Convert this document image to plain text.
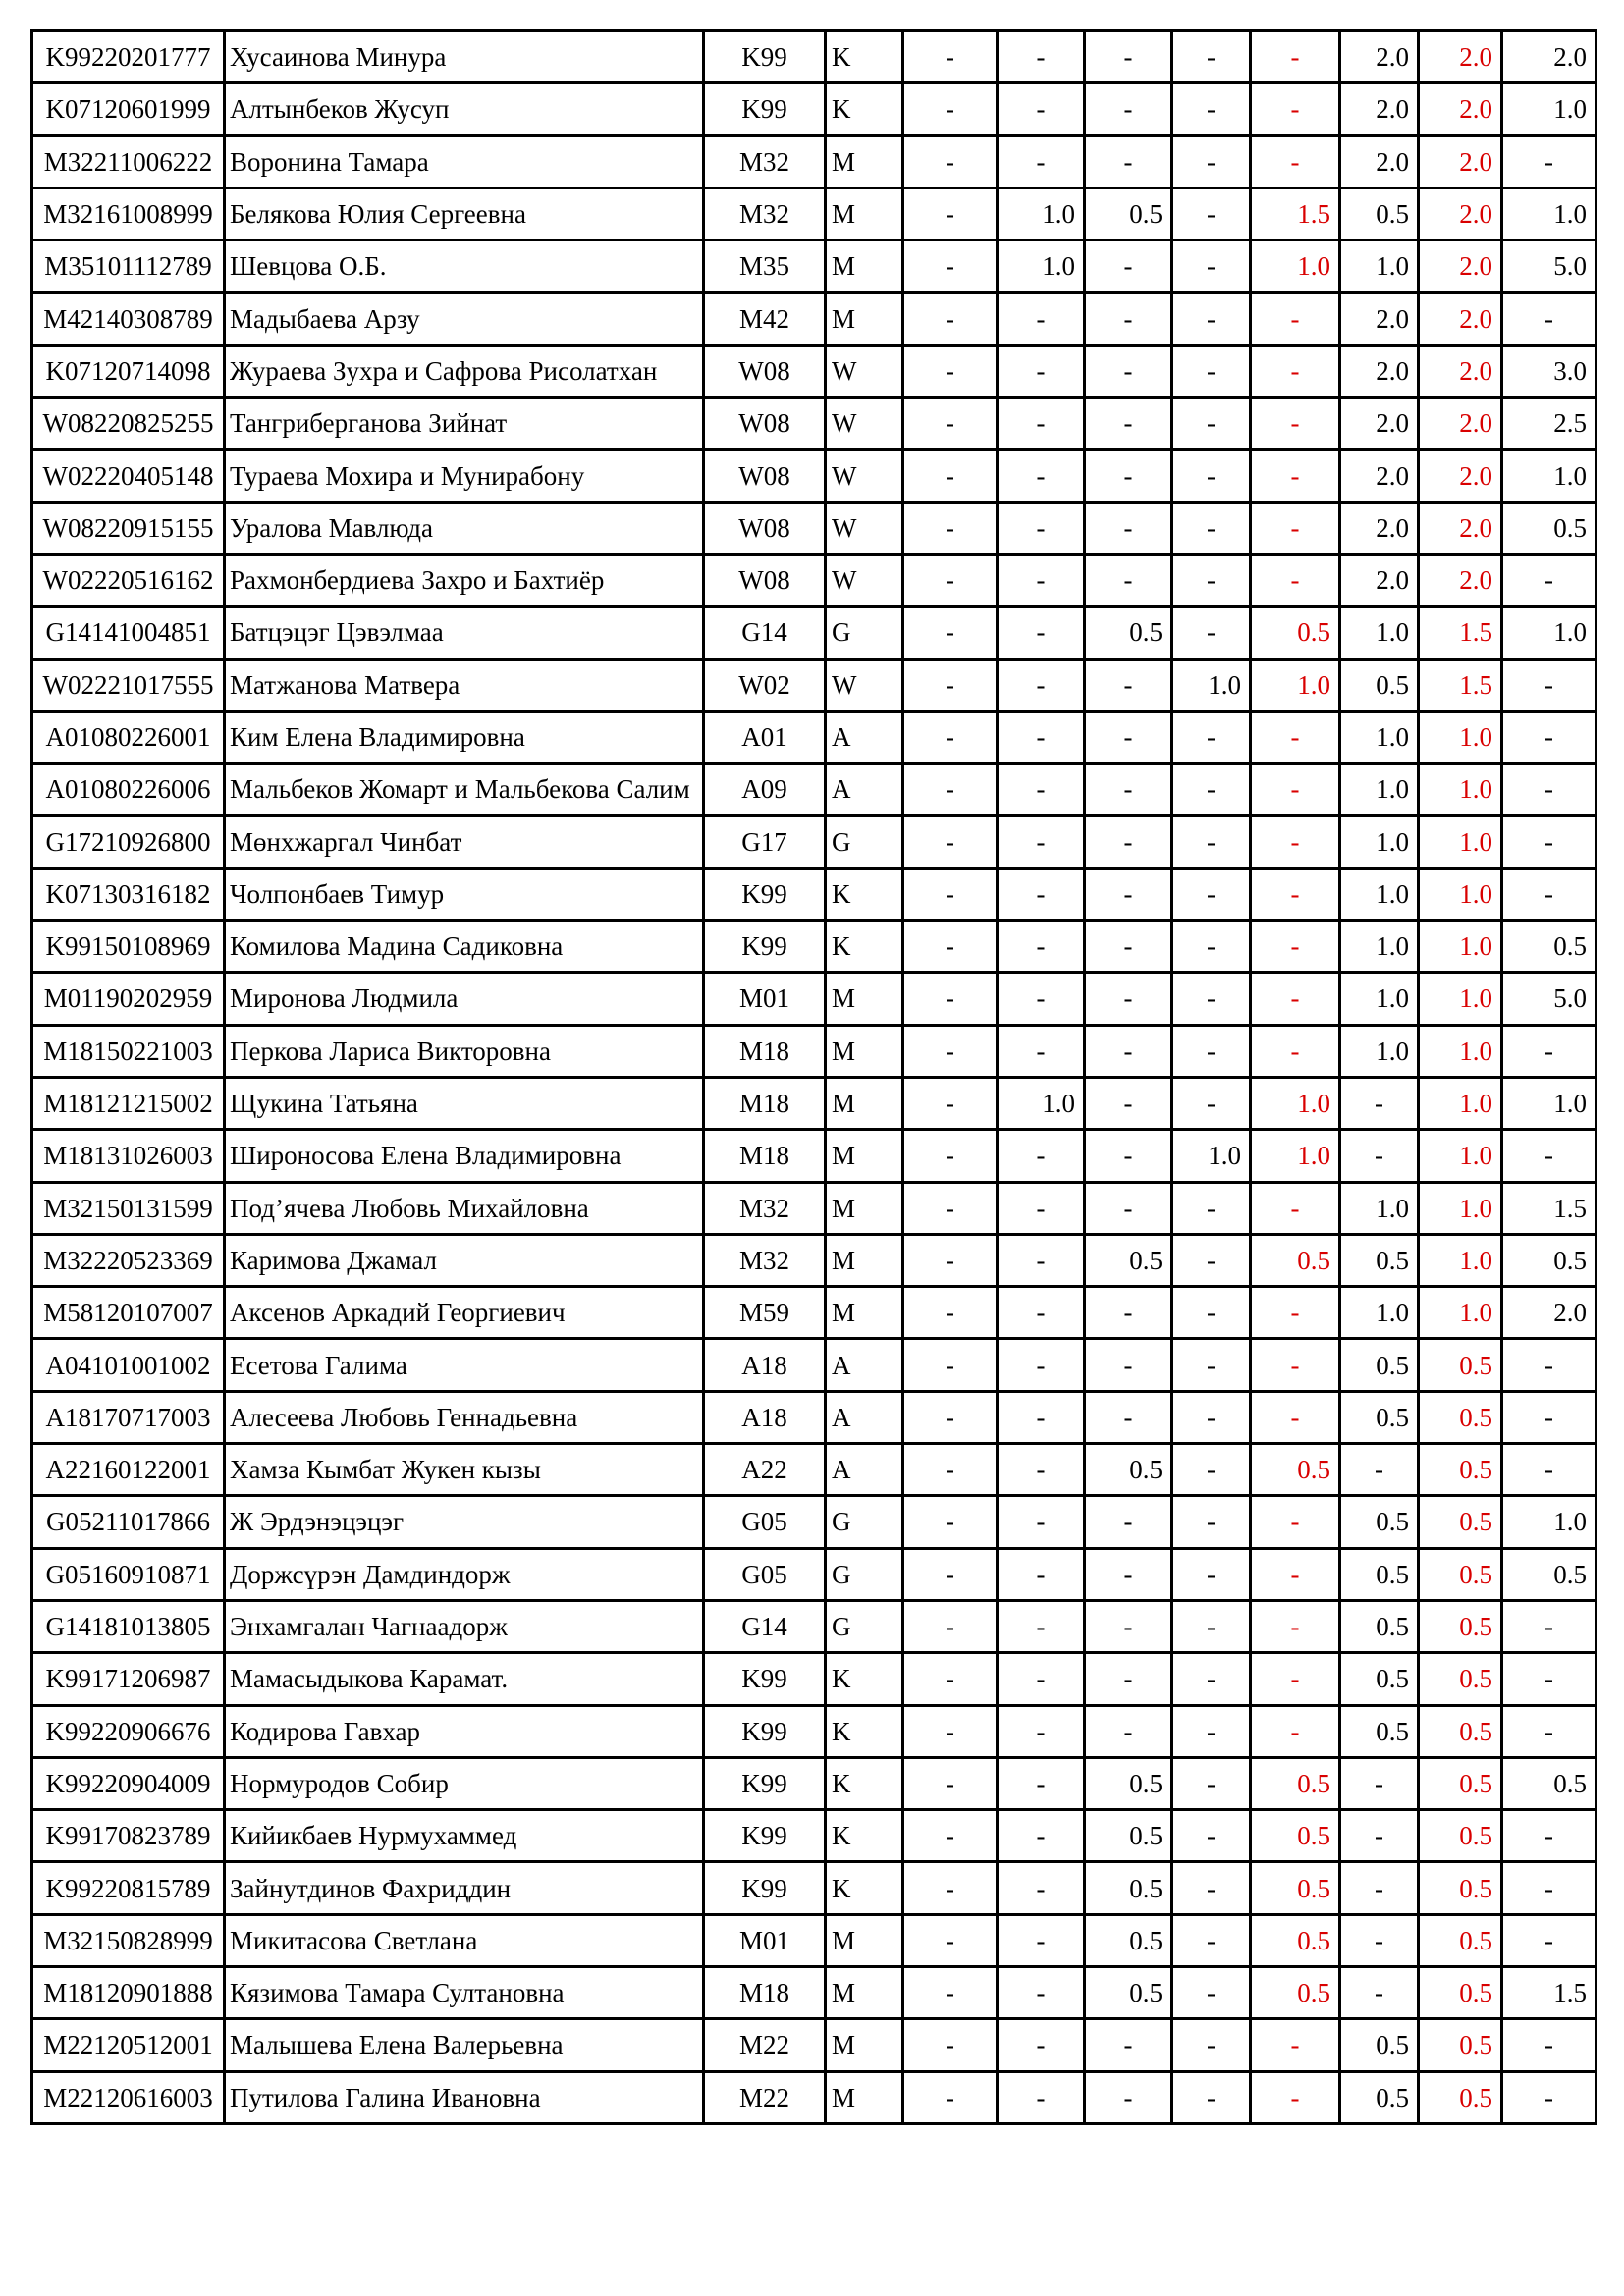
K99220201777	Хусаинова Минура	K99	K	-	-	-	-	-	2.0	2.0	2.0
K07120601999	Алтынбеков Жусуп	K99	K	-	-	-	-	-	2.0	2.0	1.0
M32211006222	Воронина Тамара	M32	M	-	-	-	-	-	2.0	2.0	-
M32161008999	Белякова Юлия Сергеевна	M32	M	-	1.0	0.5	-	1.5	0.5	2.0	1.0
M35101112789	Шевцова О.Б.	M35	M	-	1.0	-	-	1.0	1.0	2.0	5.0
M42140308789	Мадыбаева Арзу	M42	M	-	-	-	-	-	2.0	2.0	-
K07120714098	Жураева Зухра и Сафрова Рисолатхан	W08	W	-	-	-	-	-	2.0	2.0	3.0
W08220825255	Тангриберганова Зийнат	W08	W	-	-	-	-	-	2.0	2.0	2.5
W02220405148	Тураева Мохира и Мунирабону	W08	W	-	-	-	-	-	2.0	2.0	1.0
W08220915155	Уралова Мавлюда	W08	W	-	-	-	-	-	2.0	2.0	0.5
W02220516162	Рахмонбердиева Захро и Бахтиёр	W08	W	-	-	-	-	-	2.0	2.0	-
G14141004851	Батцэцэг Цэвэлмаа	G14	G	-	-	0.5	-	0.5	1.0	1.5	1.0
W02221017555	Матжанова Матвера	W02	W	-	-	-	1.0	1.0	0.5	1.5	-
A01080226001	Ким Елена Владимировна	A01	A	-	-	-	-	-	1.0	1.0	-
A01080226006	Мальбеков Жомарт и Мальбекова Салим	A09	A	-	-	-	-	-	1.0	1.0	-
G17210926800	Мөнхжаргал Чинбат	G17	G	-	-	-	-	-	1.0	1.0	-
K07130316182	Чолпонбаев Тимур	K99	K	-	-	-	-	-	1.0	1.0	-
K99150108969	Комилова Мадина Садиковна	K99	K	-	-	-	-	-	1.0	1.0	0.5
M01190202959	Миронова Людмила	M01	M	-	-	-	-	-	1.0	1.0	5.0
M18150221003	Перкова Лариса Викторовна	M18	M	-	-	-	-	-	1.0	1.0	-
M18121215002	Щукина Татьяна	M18	M	-	1.0	-	-	1.0	-	1.0	1.0
M18131026003	Широносова Елена Владимировна	M18	M	-	-	-	1.0	1.0	-	1.0	-
M32150131599	Под’ячева Любовь Михайловна	M32	M	-	-	-	-	-	1.0	1.0	1.5
M32220523369	Каримова Джамал	M32	M	-	-	0.5	-	0.5	0.5	1.0	0.5
M58120107007	Аксенов Аркадий Георгиевич	M59	M	-	-	-	-	-	1.0	1.0	2.0
A04101001002	Есетова Галима	A18	A	-	-	-	-	-	0.5	0.5	-
A18170717003	Алесеева Любовь Геннадьевна	A18	A	-	-	-	-	-	0.5	0.5	-
A22160122001	Хамза Кымбат Жукен кызы	A22	A	-	-	0.5	-	0.5	-	0.5	-
G05211017866	Ж Эрдэнэцэцэг	G05	G	-	-	-	-	-	0.5	0.5	1.0
G05160910871	Доржсүрэн Дамдиндорж	G05	G	-	-	-	-	-	0.5	0.5	0.5
G14181013805	Энхамгалан Чагнаадорж	G14	G	-	-	-	-	-	0.5	0.5	-
K99171206987	Мамасыдыкова Карамат.	K99	K	-	-	-	-	-	0.5	0.5	-
K99220906676	Кодирова Гавхар	K99	K	-	-	-	-	-	0.5	0.5	-
K99220904009	Нормуродов Собир	K99	K	-	-	0.5	-	0.5	-	0.5	0.5
K99170823789	Кийикбаев Нурмухаммед	K99	K	-	-	0.5	-	0.5	-	0.5	-
K99220815789	Зайнутдинов Фахриддин	K99	K	-	-	0.5	-	0.5	-	0.5	-
M32150828999	Микитасова Светлана	M01	M	-	-	0.5	-	0.5	-	0.5	-
M18120901888	Кязимова Тамара Султановна	M18	M	-	-	0.5	-	0.5	-	0.5	1.5
M22120512001	Малышева Елена Валерьевна	M22	M	-	-	-	-	-	0.5	0.5	-
M22120616003	Путилова Галина Ивановна	M22	M	-	-	-	-	-	0.5	0.5	-
